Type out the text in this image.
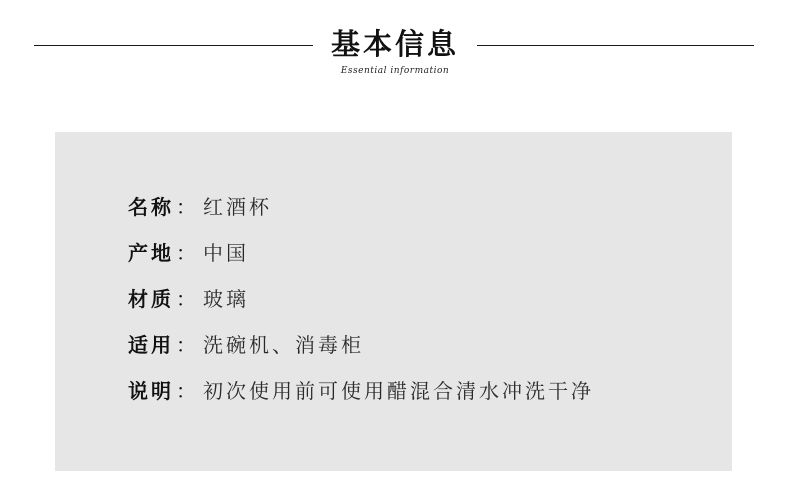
基本信息
Essential information
名称 ： 红酒杯
产地 ： 中国
材质 ： 玻璃
适用 ： 洗碗机、消毒柜
说明 ： 初次使用前可使用醋混合清水冲洗干净
